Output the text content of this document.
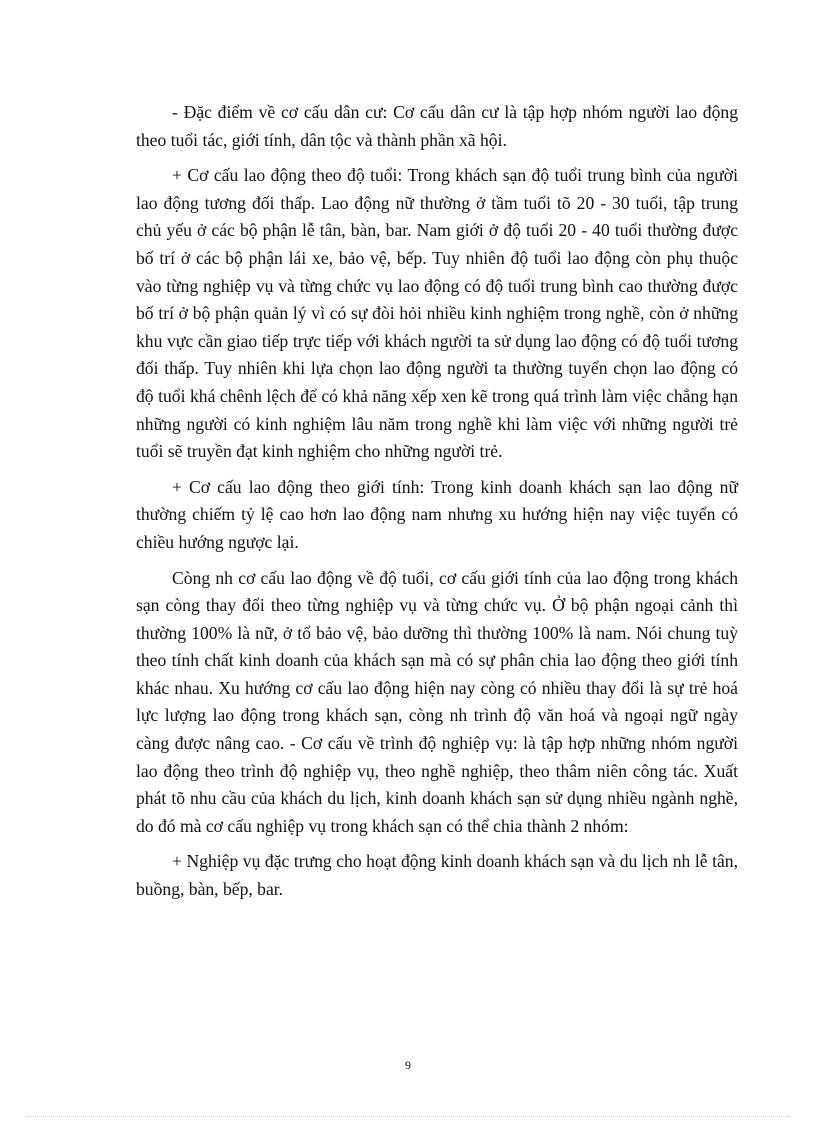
- Đặc điểm về cơ cấu dân cư: Cơ cấu dân cư là tập hợp nhóm người lao động theo tuổi tác, giới tính, dân tộc và thành phần xã hội.

+ Cơ cấu lao động theo độ tuổi: Trong khách sạn độ tuổi trung bình của người lao động tương đối thấp. Lao động nữ thường ở tầm tuổi tõ 20 - 30 tuổi, tập trung chủ yếu ở các bộ phận lễ tân, bàn, bar. Nam giới ở độ tuổi 20 - 40 tuổi thường được bố trí ở các bộ phận lái xe, bảo vệ, bếp. Tuy nhiên độ tuổi lao động còn phụ thuộc vào từng nghiệp vụ và từng chức vụ lao động có độ tuổi trung bình cao thường được bố trí ở bộ phận quản lý vì có sự đòi hỏi nhiều kinh nghiệm trong nghề, còn ở những khu vực cần giao tiếp trực tiếp với khách người ta sử dụng lao động có độ tuổi tương đối thấp. Tuy nhiên khi lựa chọn lao động người ta thường tuyển chọn lao động có độ tuổi khá chênh lệch để có khả năng xếp xen kẽ trong quá trình làm việc chẳng hạn những người có kinh nghiệm lâu năm trong nghề khi làm việc với những người trẻ tuổi sẽ truyền đạt kinh nghiệm cho những người trẻ.

+ Cơ cấu lao động theo giới tính: Trong kinh doanh khách sạn lao động nữ thường chiếm tỷ lệ cao hơn lao động nam nhưng xu hướng hiện nay việc tuyển có chiều hướng ngược lại.

Còng nh cơ cấu lao động về độ tuổi, cơ cấu giới tính của lao động trong khách sạn còng thay đổi theo từng nghiệp vụ và từng chức vụ. Ở bộ phận ngoại cảnh thì thường 100% là nữ, ở tổ bảo vệ, bảo dưỡng thì thường 100% là nam. Nói chung tuỳ theo tính chất kinh doanh của khách sạn mà có sự phân chia lao động theo giới tính khác nhau. Xu hướng cơ cấu lao động hiện nay còng có nhiều thay đổi là sự trẻ hoá lực lượng lao động trong khách sạn, còng nh trình độ văn hoá và ngoại ngữ ngày càng được nâng cao. - Cơ cấu về trình độ nghiệp vụ: là tập hợp những nhóm người lao động theo trình độ nghiệp vụ, theo nghề nghiệp, theo thâm niên công tác. Xuất phát tõ nhu cầu của khách du lịch, kinh doanh khách sạn sử dụng nhiều ngành nghề, do đó mà cơ cấu nghiệp vụ trong khách sạn có thể chia thành 2 nhóm:

+ Nghiệp vụ đặc trưng cho hoạt động kinh doanh khách sạn và du lịch nh lễ tân, buồng, bàn, bếp, bar.

9
